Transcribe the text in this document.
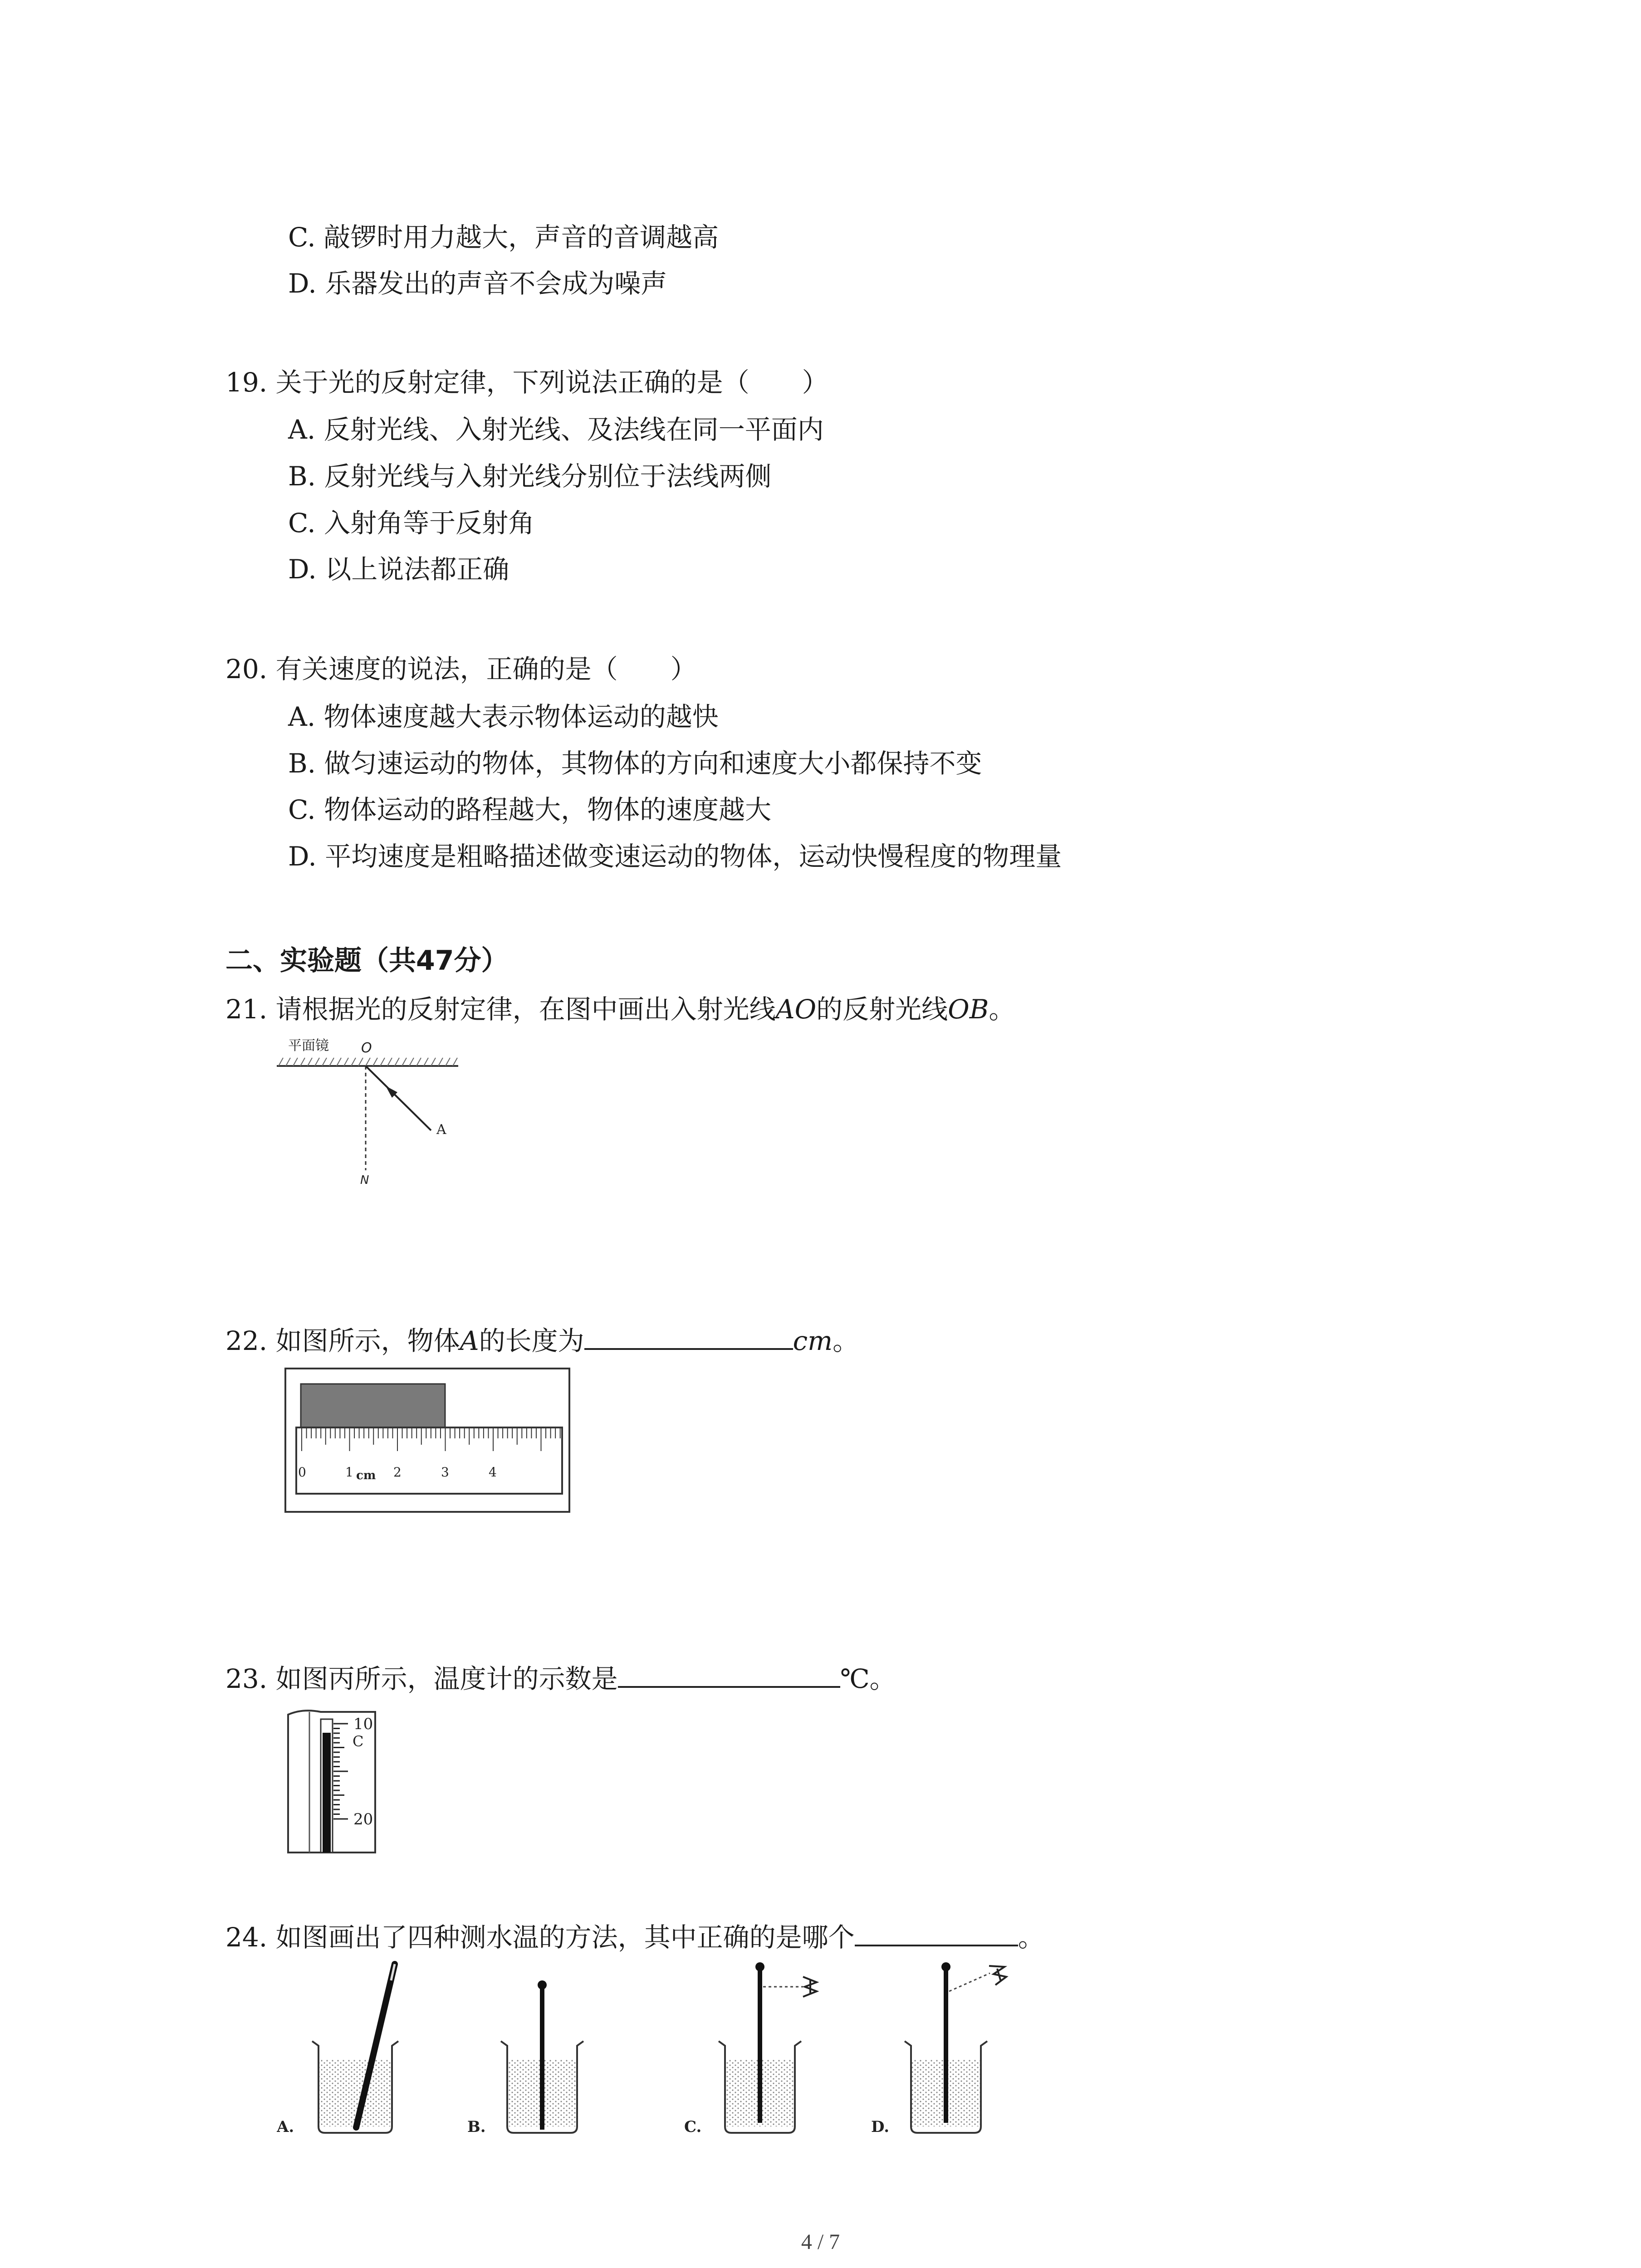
C. 敲锣时用力越大，声音的音调越高
D. 乐器发出的声音不会成为噪声
19. 关于光的反射定律，下列说法正确的是（　　）
A. 反射光线、入射光线、及法线在同一平面内
B. 反射光线与入射光线分别位于法线两侧
C. 入射角等于反射角
D. 以上说法都正确
20. 有关速度的说法，正确的是（　　）
A. 物体速度越大表示物体运动的越快
B. 做匀速运动的物体，其物体的方向和速度大小都保持不变
C. 物体运动的路程越大，物体的速度越大
D. 平均速度是粗略描述做变速运动的物体，运动快慢程度的物理量
二、实验题（共47分）
21. 请根据光的反射定律，在图中画出入射光线AO的反射光线OB。
平面镜 O
A
N
22. 如图所示，物体A的长度为	cm。
0	1 cm 2	3	4
23. 如图丙所示，温度计的示数是	℃。
10
C
20
24. 如图画出了四种测水温的方法，其中正确的是哪个	。
A.	B.	C.	D.
4 / 7
